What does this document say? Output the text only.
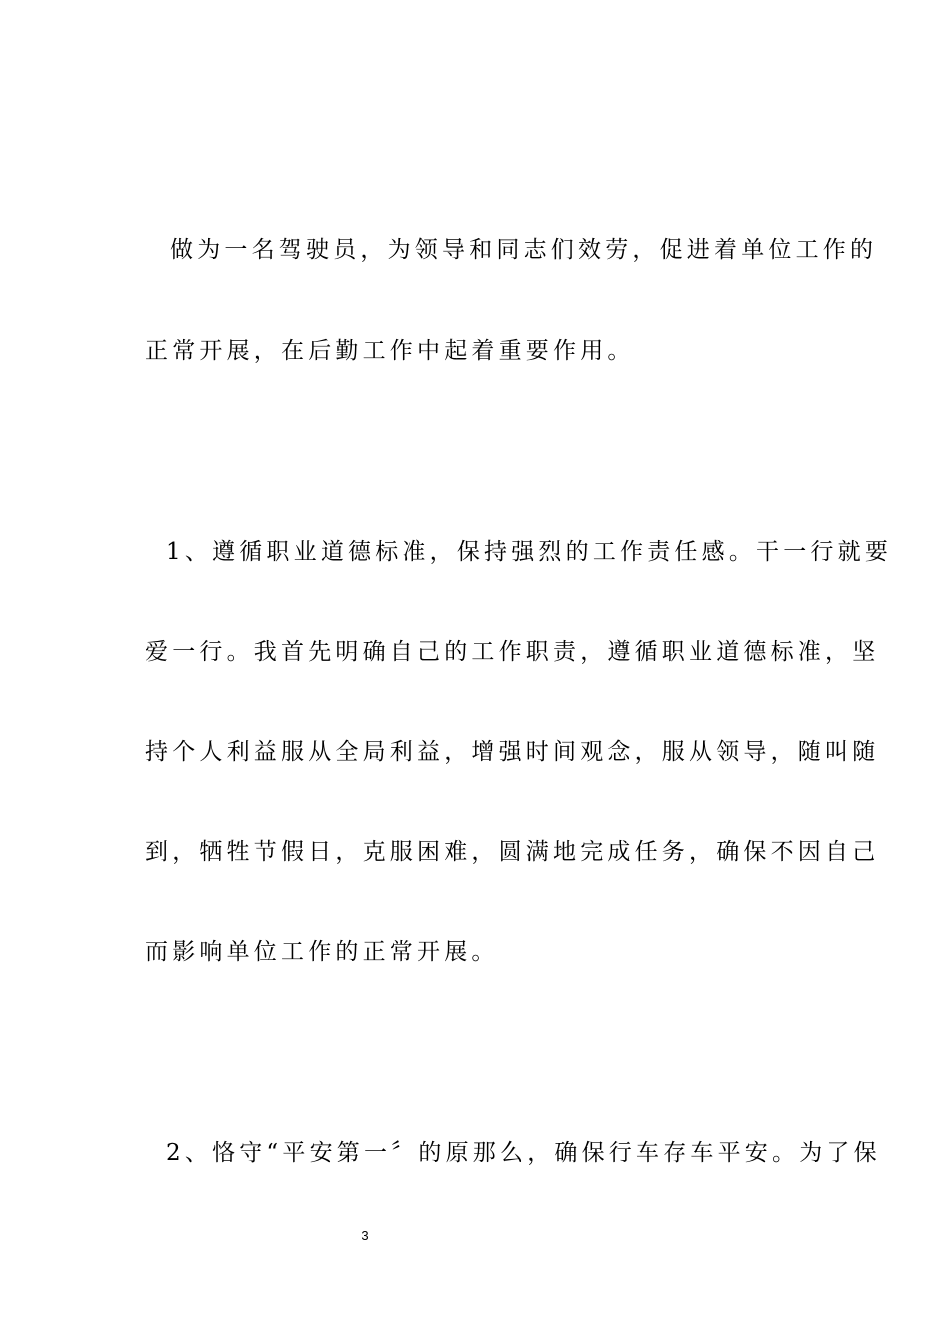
做为一名驾驶员，为领导和同志们效劳，促进着单位工作的
正常开展，在后勤工作中起着重要作用。
1、遵循职业道德标准，保持强烈的工作责任感。干一行就要
爱一行。我首先明确自己的工作职责，遵循职业道德标准，坚
持个人利益服从全局利益，增强时间观念，服从领导，随叫随
到，牺牲节假日，克服困难，圆满地完成任务，确保不因自己
而影响单位工作的正常开展。
2、恪守“平安第一〞的原那么，确保行车存车平安。为了保
3
